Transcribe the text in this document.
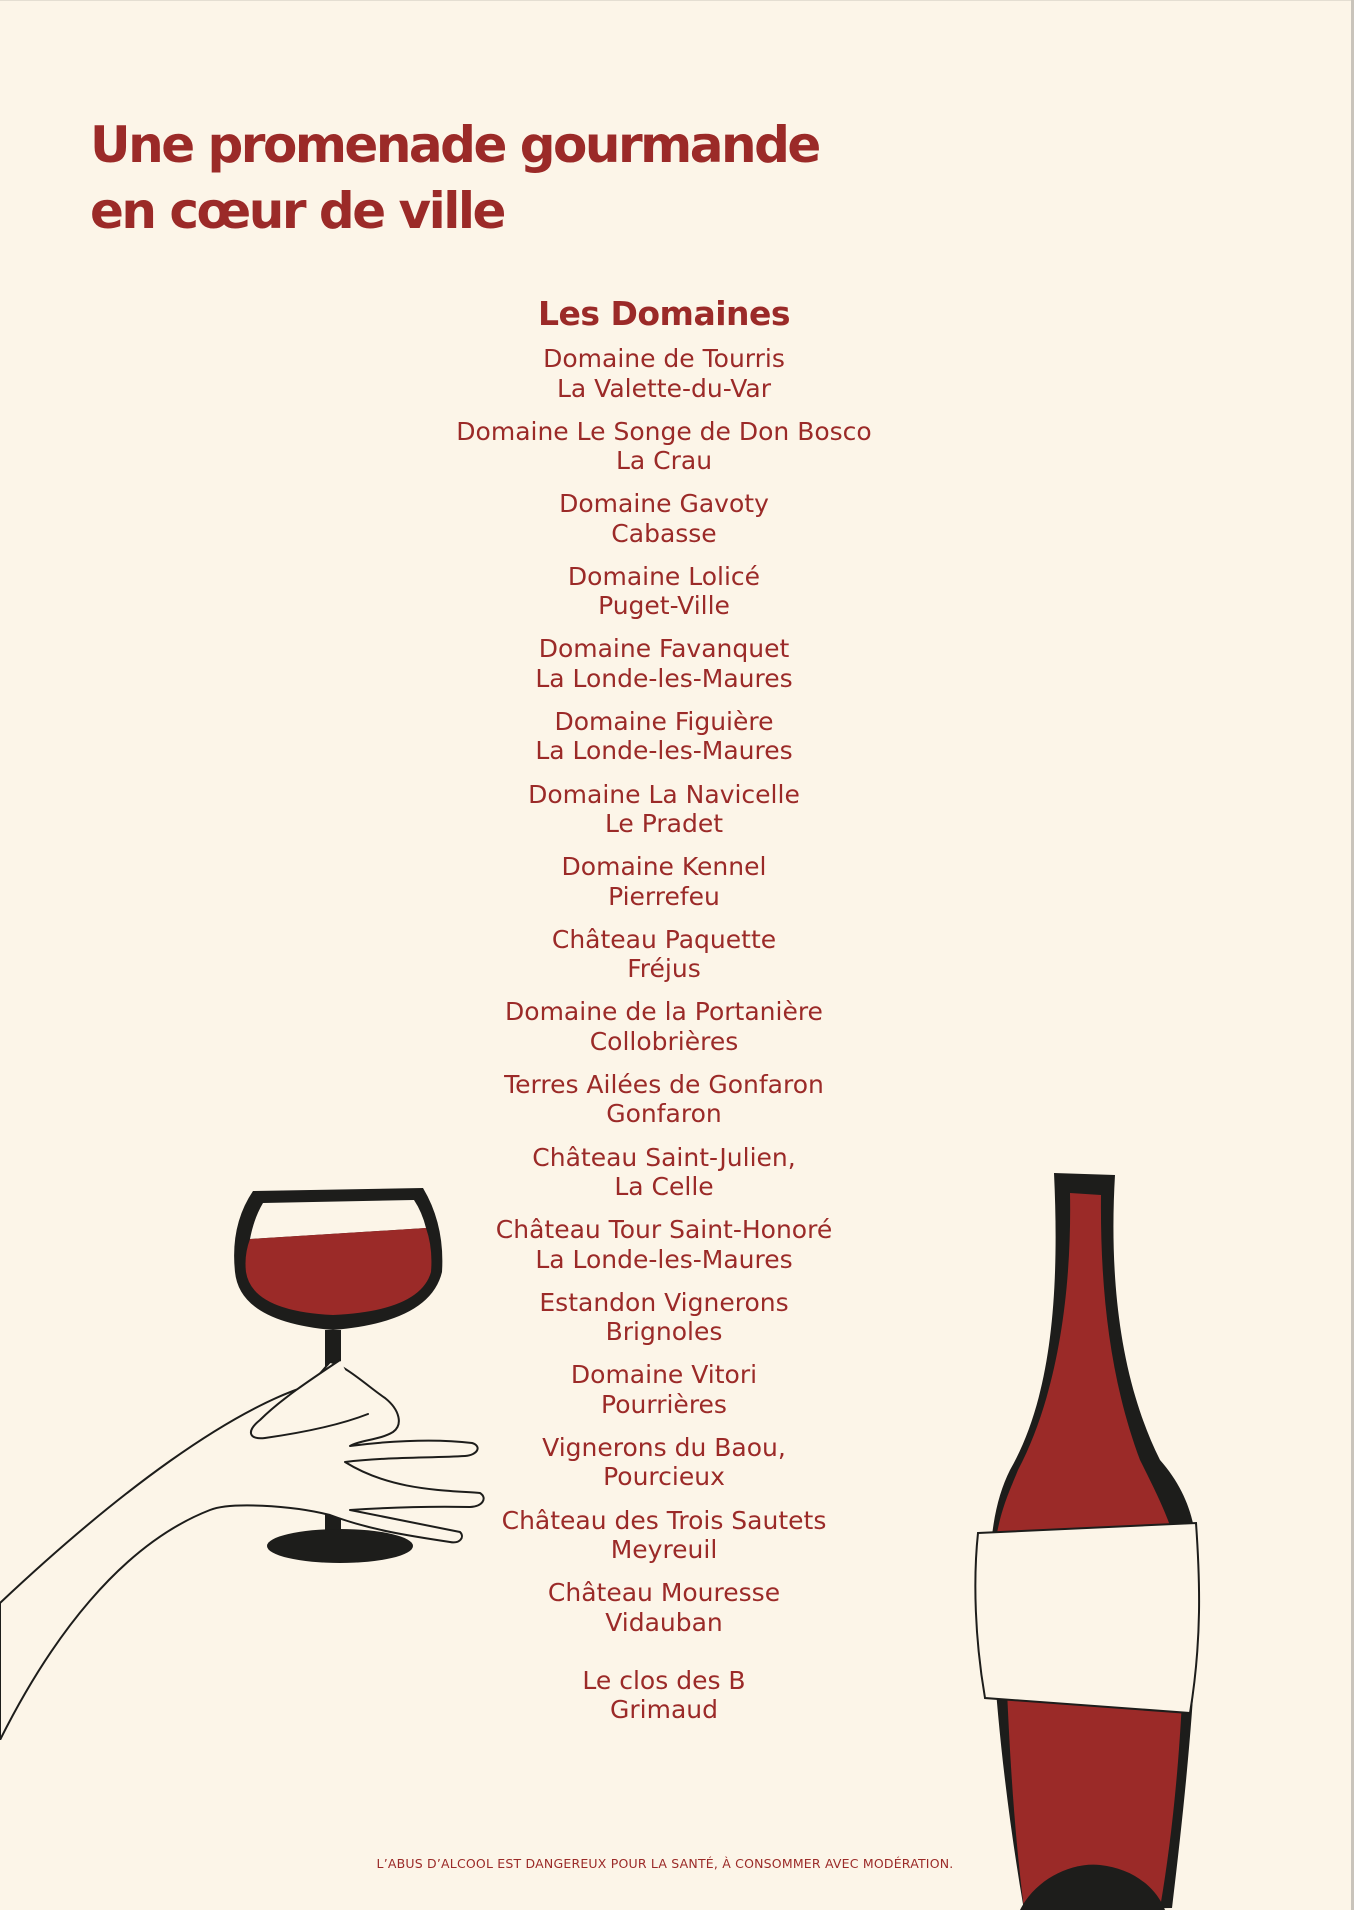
Une promenade gourmande
en cœur de ville
Les Domaines
Domaine de Tourris
La Valette-du-Var
Domaine Le Songe de Don Bosco
La Crau
Domaine Gavoty
Cabasse
Domaine Lolicé
Puget-Ville
Domaine Favanquet
La Londe-les-Maures
Domaine Figuière
La Londe-les-Maures
Domaine La Navicelle
Le Pradet
Domaine Kennel
Pierrefeu
Château Paquette
Fréjus
Domaine de la Portanière
Collobrières
Terres Ailées de Gonfaron
Gonfaron
Château Saint-Julien,
La Celle
Château Tour Saint-Honoré
La Londe-les-Maures
Estandon Vignerons
Brignoles
Domaine Vitori
Pourrières
Vignerons du Baou,
Pourcieux
Château des Trois Sautets
Meyreuil
Château Mouresse
Vidauban
Le clos des B
Grimaud
L’ABUS D’ALCOOL EST DANGEREUX POUR LA SANTÉ, À CONSOMMER AVEC MODÉRATION.
